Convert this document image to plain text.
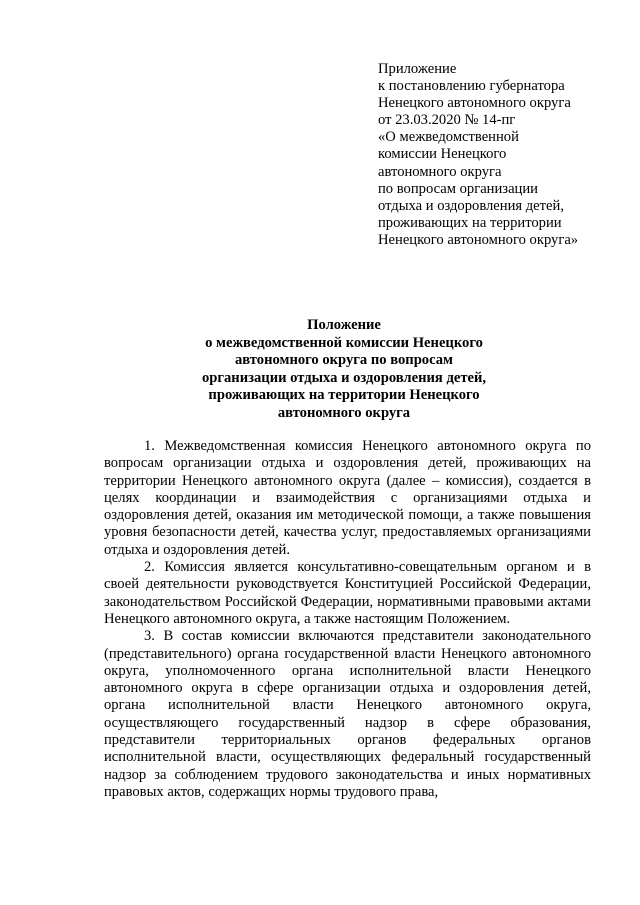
Приложение
к постановлению губернатора
Ненецкого автономного округа
от 23.03.2020 № 14-пг
«О межведомственной
комиссии Ненецкого
автономного округа
по вопросам организации
отдыха и оздоровления детей,
проживающих на территории
Ненецкого автономного округа»
Положение
о межведомственной комиссии Ненецкого
автономного округа по вопросам
организации отдыха и оздоровления детей,
проживающих на территории Ненецкого
автономного округа

1. Межведомственная комиссия Ненецкого автономного округа по вопросам организации отдыха и оздоровления детей, проживающих на территории Ненецкого автономного округа (далее – комиссия), создается в целях координации и взаимодействия с организациями отдыха и оздоровления детей, оказания им методической помощи, а также повышения уровня безопасности детей, качества услуг, предоставляемых организациями отдыха и оздоровления детей.

2. Комиссия является консультативно-совещательным органом и в своей деятельности руководствуется Конституцией Российской Федерации, законодательством Российской Федерации, нормативными правовыми актами Ненецкого автономного округа, а также настоящим Положением.

3. В состав комиссии включаются представители законодательного (представительного) органа государственной власти Ненецкого автономного округа, уполномоченного органа исполнительной власти Ненецкого автономного округа в сфере организации отдыха и оздоровления детей, органа исполнительной власти Ненецкого автономного округа, осуществляющего государственный надзор в сфере образования, представители территориальных органов федеральных органов исполнительной власти, осуществляющих федеральный государственный надзор за соблюдением трудового законодательства и иных нормативных правовых актов, содержащих нормы трудового права,
